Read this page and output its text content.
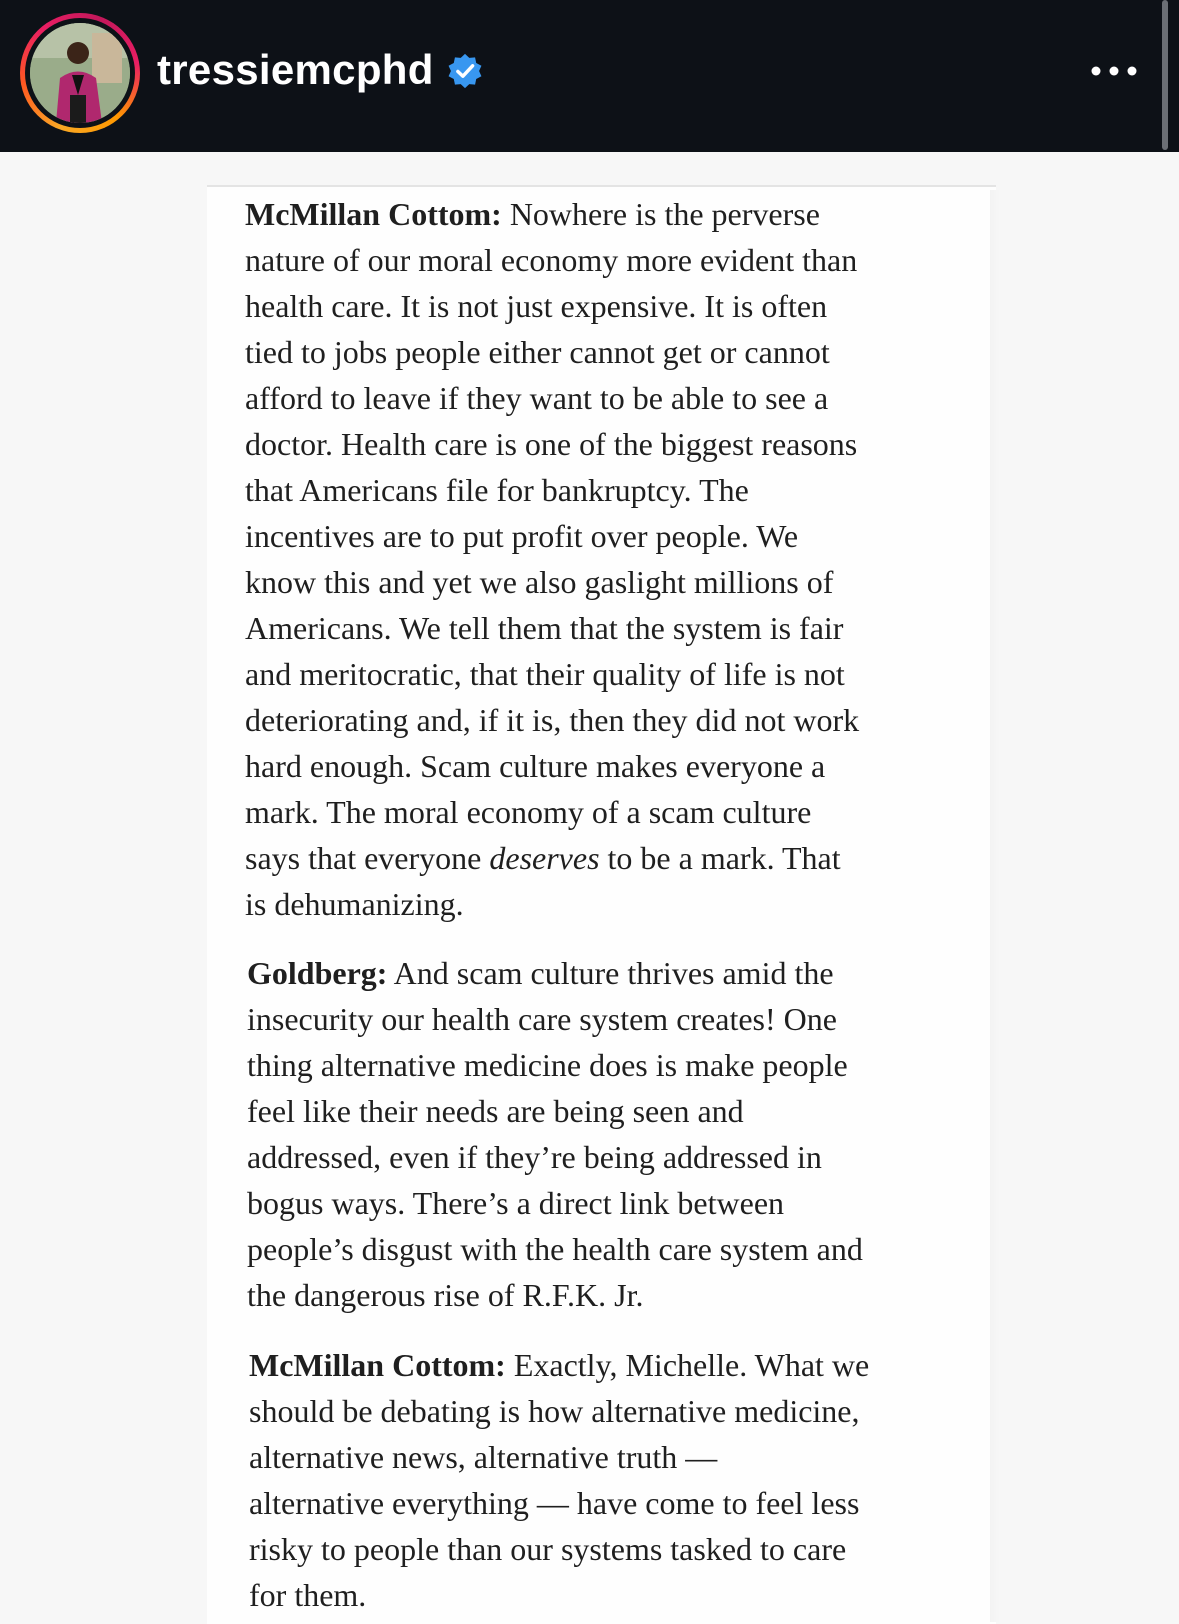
tressiemcphd

McMillan Cottom: Nowhere is the perverse
nature of our moral economy more evident than
health care. It is not just expensive. It is often
tied to jobs people either cannot get or cannot
afford to leave if they want to be able to see a
doctor. Health care is one of the biggest reasons
that Americans file for bankruptcy. The
incentives are to put profit over people. We
know this and yet we also gaslight millions of
Americans. We tell them that the system is fair
and meritocratic, that their quality of life is not
deteriorating and, if it is, then they did not work
hard enough. Scam culture makes everyone a
mark. The moral economy of a scam culture
says that everyone deserves to be a mark. That
is dehumanizing.

Goldberg: And scam culture thrives amid the
insecurity our health care system creates! One
thing alternative medicine does is make people
feel like their needs are being seen and
addressed, even if they’re being addressed in
bogus ways. There’s a direct link between
people’s disgust with the health care system and
the dangerous rise of R.F.K. Jr.

McMillan Cottom: Exactly, Michelle. What we
should be debating is how alternative medicine,
alternative news, alternative truth —
alternative everything — have come to feel less
risky to people than our systems tasked to care
for them.
